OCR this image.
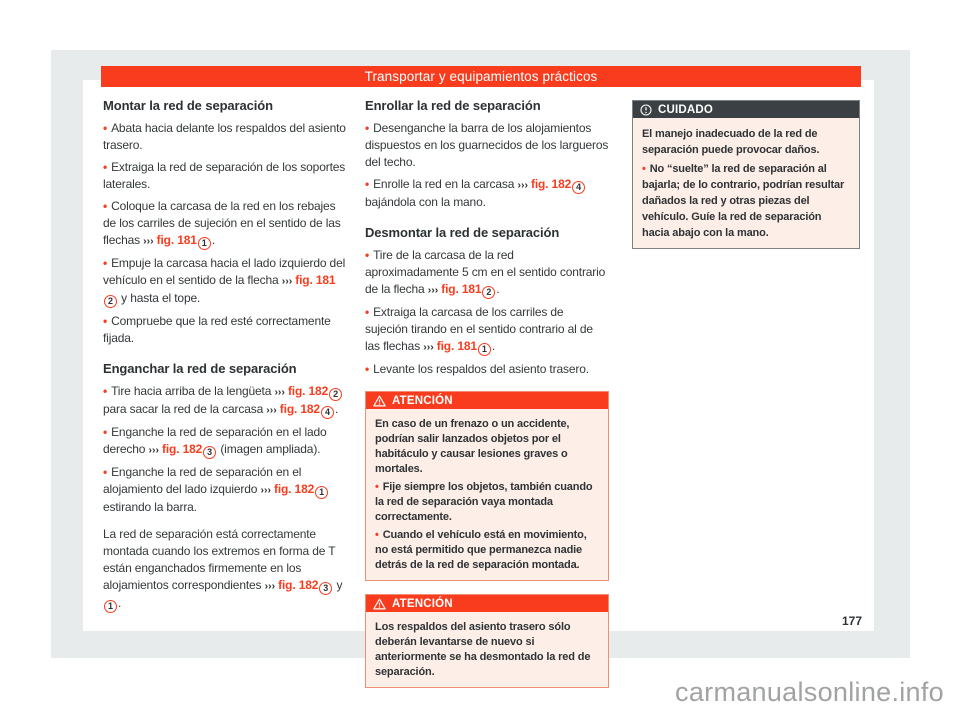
Montar la red de separación

• Abata hacia delante los respaldos del asiento trasero.

• Extraiga la red de separación de los soportes laterales.

• Coloque la carcasa de la red en los rebajes de los carriles de sujeción en el sentido de las flechas ››› fig. 181 1 .

• Empuje la carcasa hacia el lado izquierdo del vehículo en el sentido de la flecha ››› fig. 1812 y hasta el tope.

• Compruebe que la red esté correctamente fijada.

Enganchar la red de separación

• Tire hacia arriba de la lengüeta ››› fig. 182 2 para sacar la red de la carcasa ››› fig. 182 4 .

• Enganche la red de separación en el lado derecho ››› fig. 182 3 (imagen ampliada).

• Enganche la red de separación en el alojamiento del lado izquierdo ››› fig. 182 1 estirando la barra.

La red de separación está correctamente montada cuando los extremos en forma de T están enganchados firmemente en los alojamientos correspondientes ››› fig. 182 3 y 1 .

Enrollar la red de separación

• Desenganche la barra de los alojamientos dispuestos en los guarnecidos de los largueros del techo.

• Enrolle la red en la carcasa ››› fig. 182 4 bajándola con la mano.

Desmontar la red de separación

• Tire de la carcasa de la red aproximadamente 5 cm en el sentido contrario de la flecha ››› fig. 181 2 .

• Extraiga la carcasa de los carriles de sujeción tirando en el sentido contrario al de las flechas ››› fig. 181 1 .

• Levante los respaldos del asiento trasero.

ATENCIÓN

En caso de un frenazo o un accidente, podrían salir lanzados objetos por el habitáculo y causar lesiones graves o mortales.

• Fije siempre los objetos, también cuando la red de separación vaya montada correctamente.

• Cuando el vehículo está en movimiento, no está permitido que permanezca nadie detrás de la red de separación montada.

ATENCIÓN

Los respaldos del asiento trasero sólo deberán levantarse de nuevo si anteriormente se ha desmontado la red de separación.

CUIDADO

El manejo inadecuado de la red de separación puede provocar daños.

• No “suelte” la red de separación al bajarla; de lo contrario, podrían resultar dañados la red y otras piezas del vehículo. Guíe la red de separación hacia abajo con la mano.

177
Transportar y equipamientos prácticos
carmanualsonline.info
